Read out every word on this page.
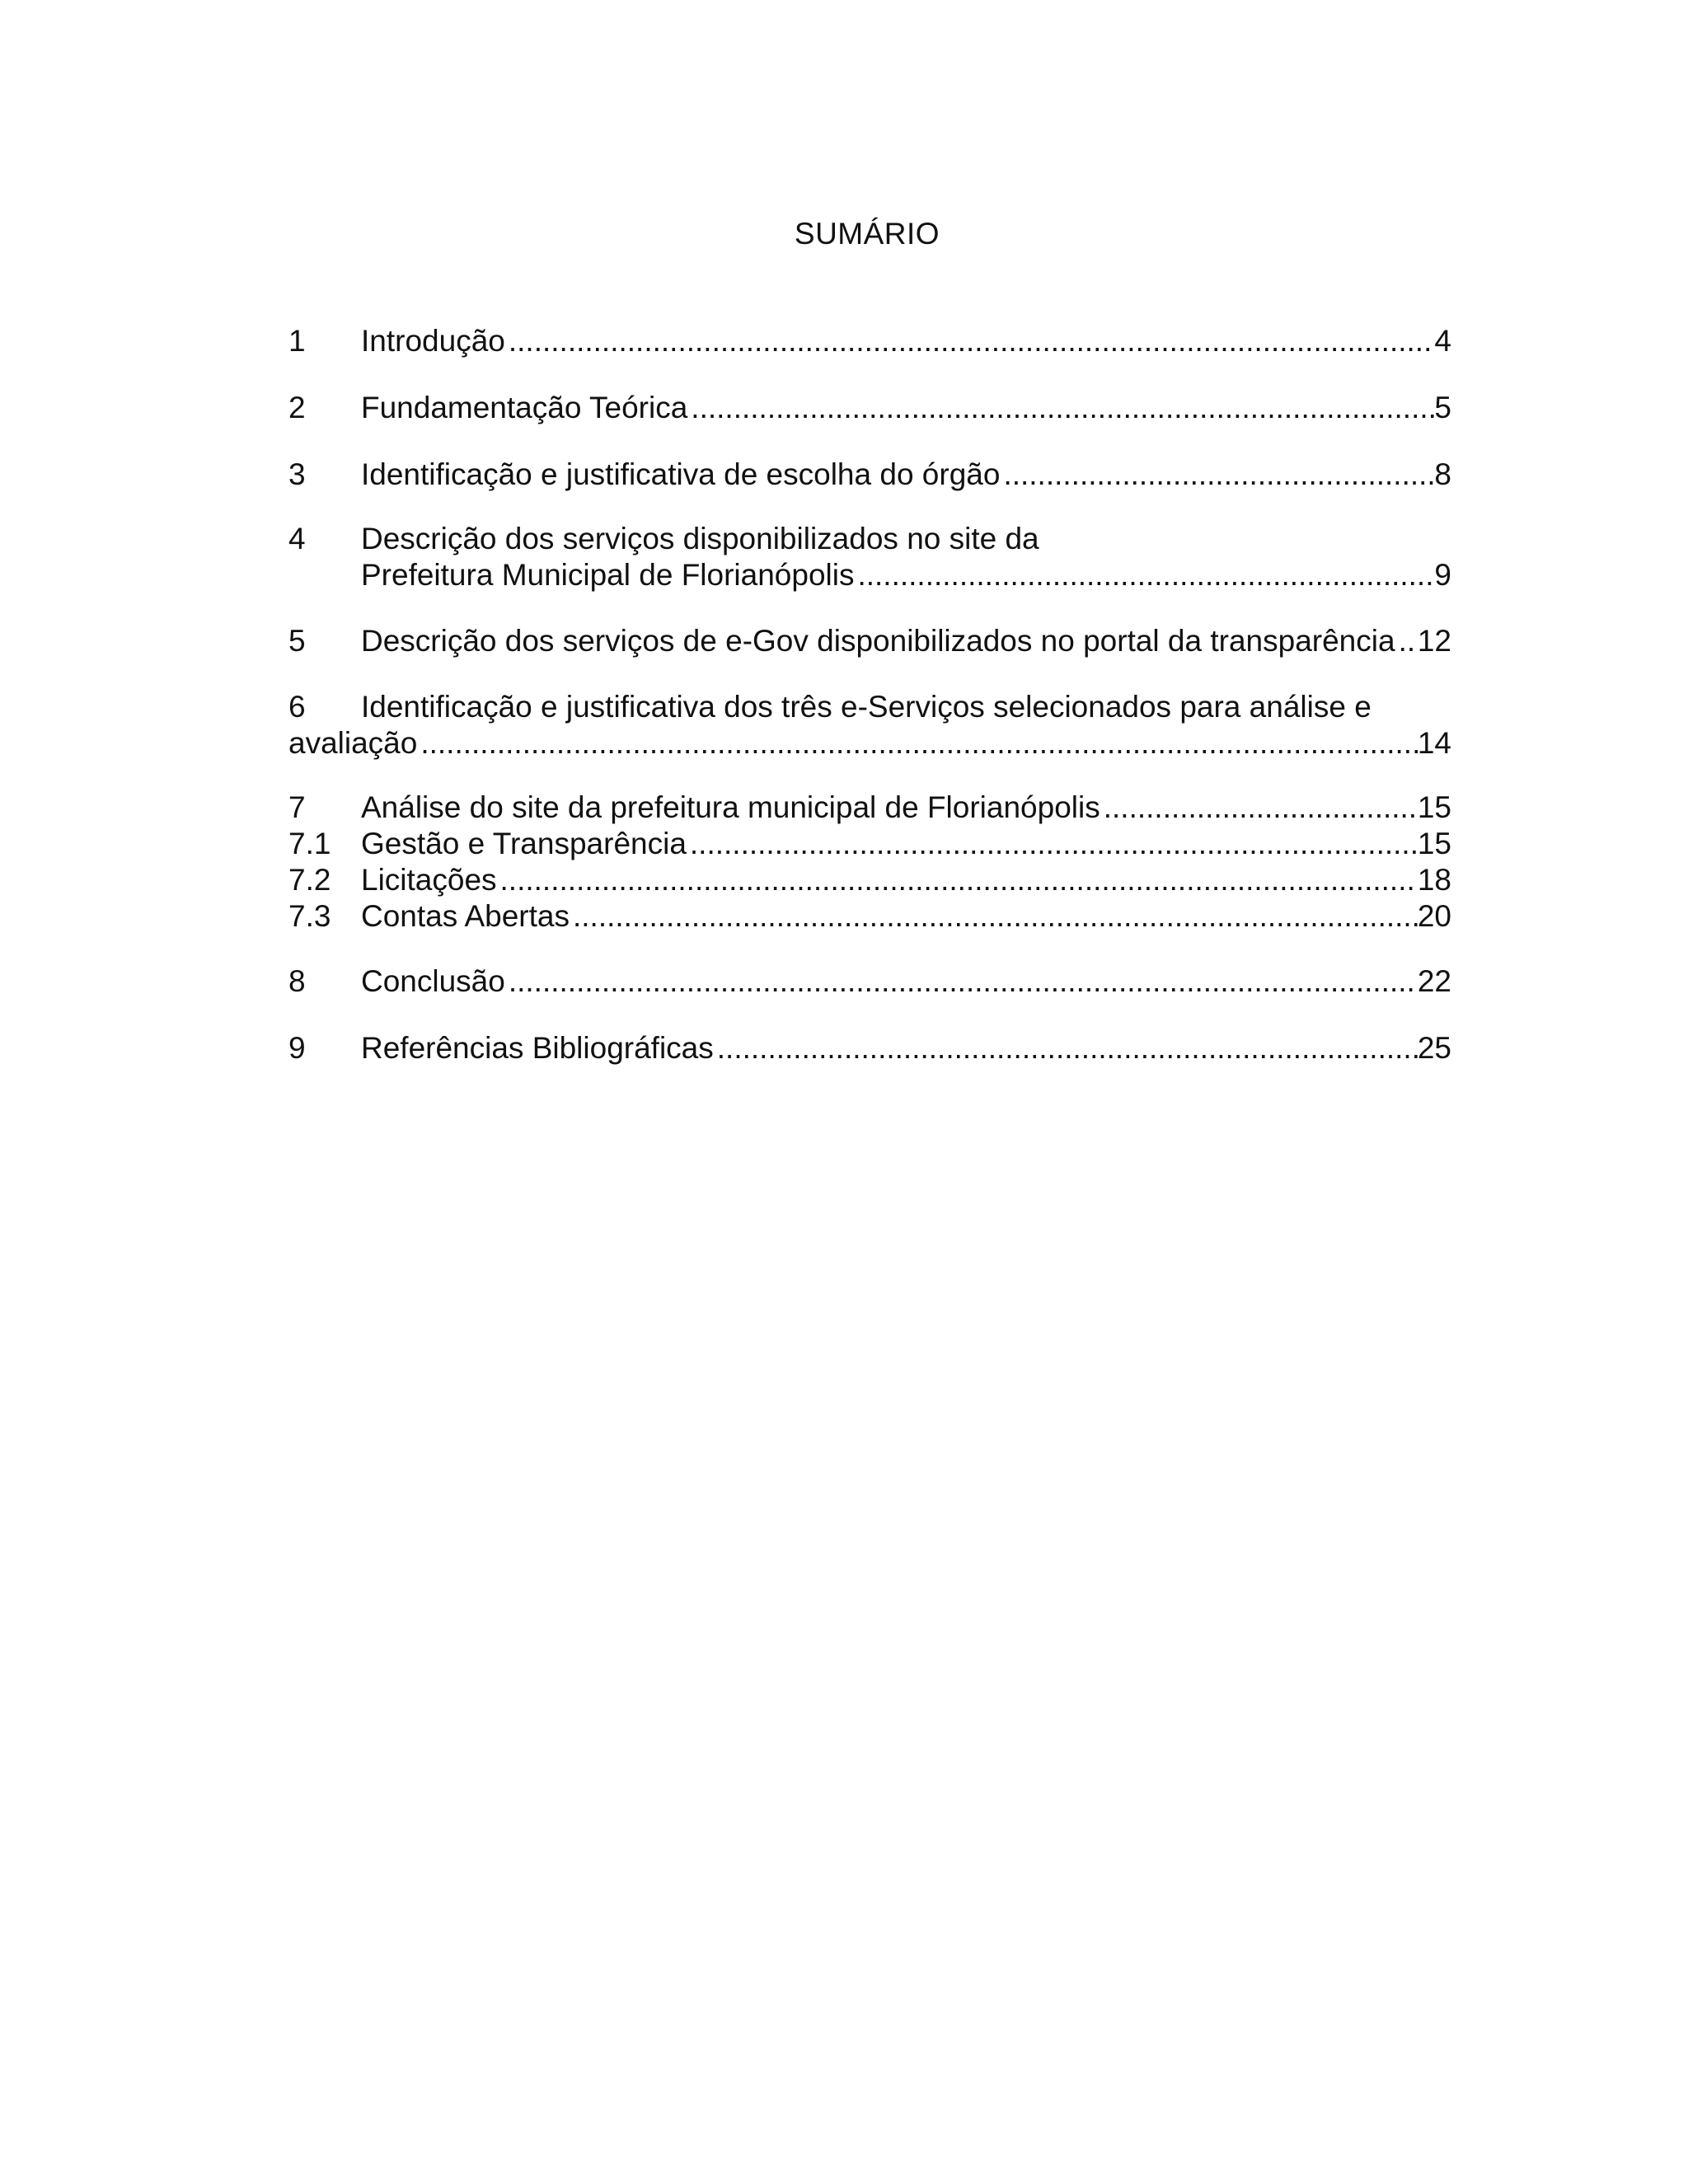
SUMÁRIO
1 Introdução .....	4
2 Fundamentação Teórica .....	5
3 Identificação e justificativa de escolha do órgão .....	8
4 Descrição dos serviços disponibilizados no site da
Prefeitura Municipal de Florianópolis .....	9
5 Descrição dos serviços de e-Gov disponibilizados no portal da transparência ..... 12
6 Identificação e justificativa dos três e-Serviços selecionados para análise e
avaliação .....	14
7 Análise do site da prefeitura municipal de Florianópolis .....	15
7.1 Gestão e Transparência .....	15
7.2 Licitações .....	18
7.3 Contas Abertas .....	20
8 Conclusão .....	22
9 Referências Bibliográficas .....	25
